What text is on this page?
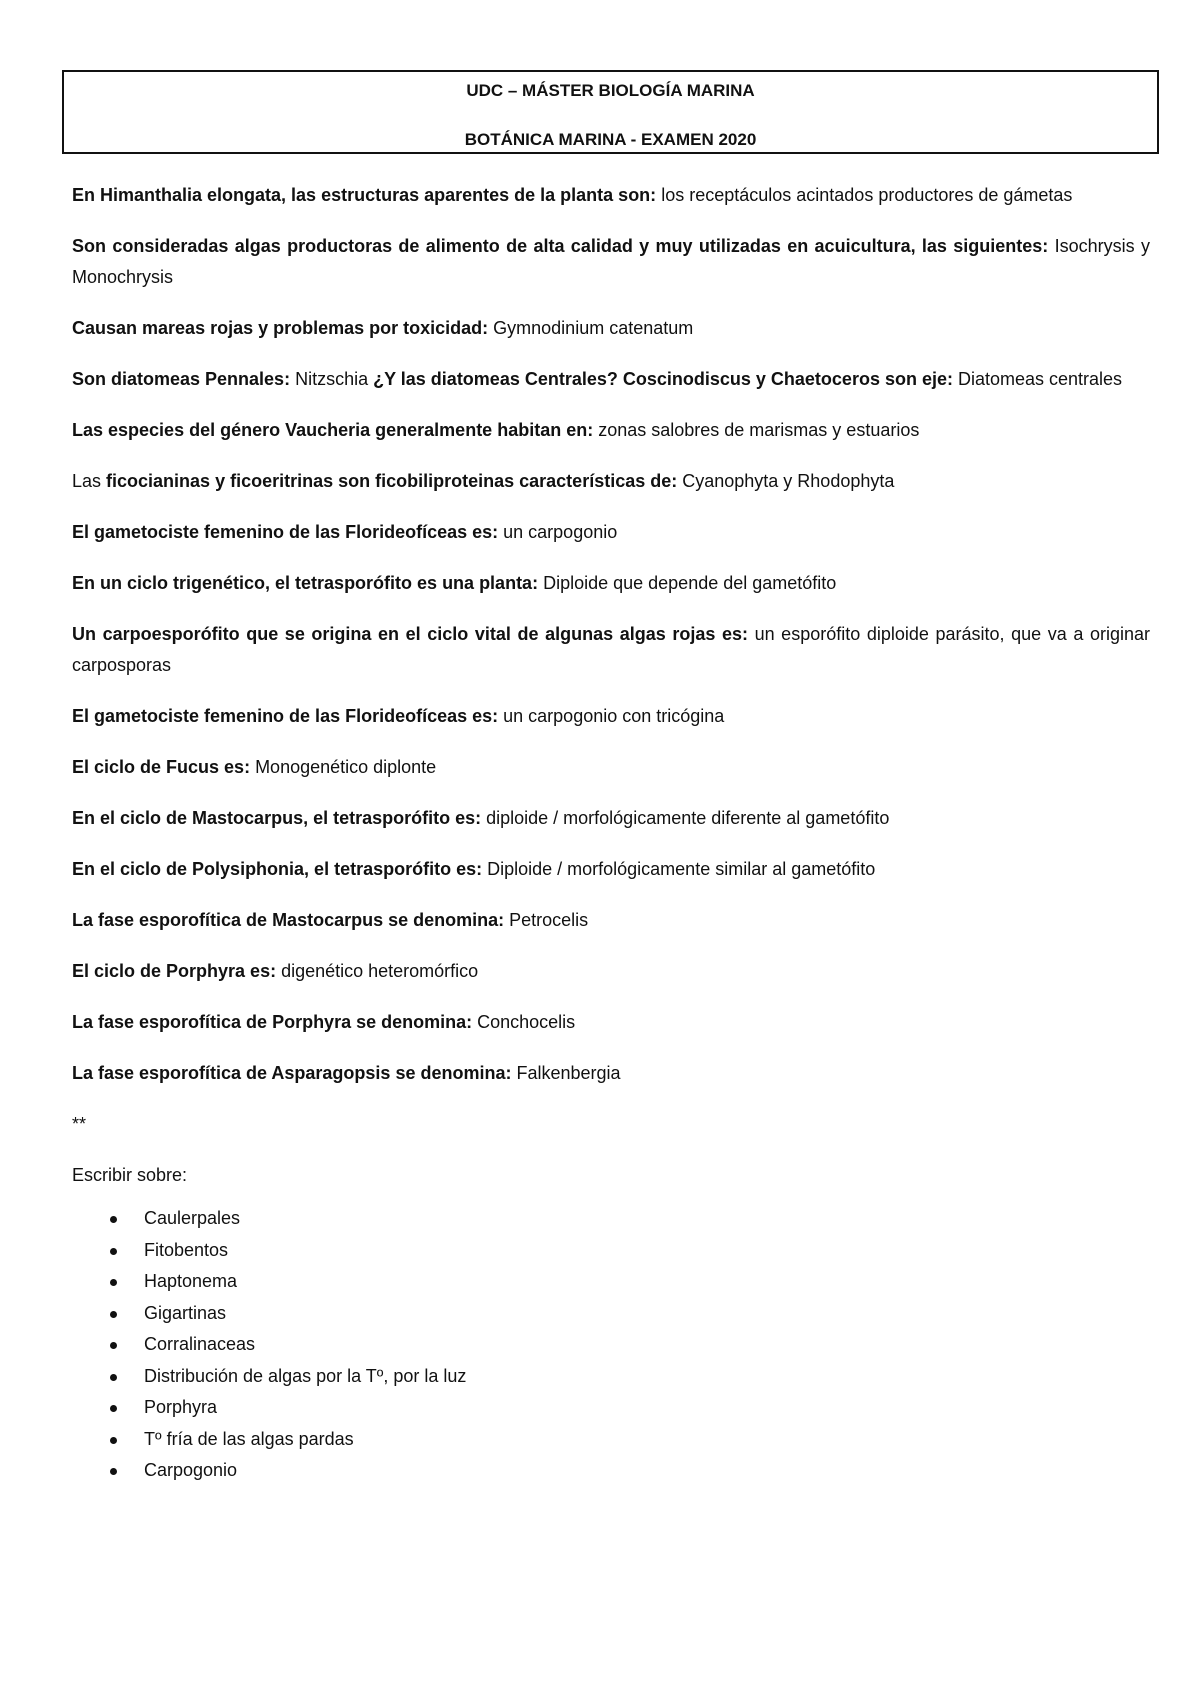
UDC – MÁSTER BIOLOGÍA MARINA
BOTÁNICA MARINA - EXAMEN 2020

En Himanthalia elongata, las estructuras aparentes de la planta son: los receptáculos acintados productores de gámetas

Son consideradas algas productoras de alimento de alta calidad y muy utilizadas en acuicultura, las siguientes: Isochrysis y Monochrysis

Causan mareas rojas y problemas por toxicidad: Gymnodinium catenatum

Son diatomeas Pennales: Nitzschia ¿Y las diatomeas Centrales? Coscinodiscus y Chaetoceros son eje: Diatomeas centrales

Las especies del género Vaucheria generalmente habitan en: zonas salobres de marismas y estuarios

Las ficocianinas y ficoeritrinas son ficobiliproteinas características de: Cyanophyta y Rhodophyta

El gametociste femenino de las Florideofíceas es: un carpogonio

En un ciclo trigenético, el tetrasporófito es una planta: Diploide que depende del gametófito

Un carpoesporófito que se origina en el ciclo vital de algunas algas rojas es: un esporófito diploide parásito, que va a originar carposporas

El gametociste femenino de las Florideofíceas es: un carpogonio con tricógina

El ciclo de Fucus es: Monogenético diplonte

En el ciclo de Mastocarpus, el tetrasporófito es: diploide / morfológicamente diferente al gametófito

En el ciclo de Polysiphonia, el tetrasporófito es: Diploide / morfológicamente similar al gametófito

La fase esporofítica de Mastocarpus se denomina: Petrocelis

El ciclo de Porphyra es: digenético heteromórfico

La fase esporofítica de Porphyra se denomina: Conchocelis

La fase esporofítica de Asparagopsis se denomina: Falkenbergia

**
Escribir sobre:
Caulerpales
Fitobentos
Haptonema
Gigartinas
Corralinaceas
Distribución de algas por la Tº, por la luz
Porphyra
Tº fría de las algas pardas
Carpogonio
